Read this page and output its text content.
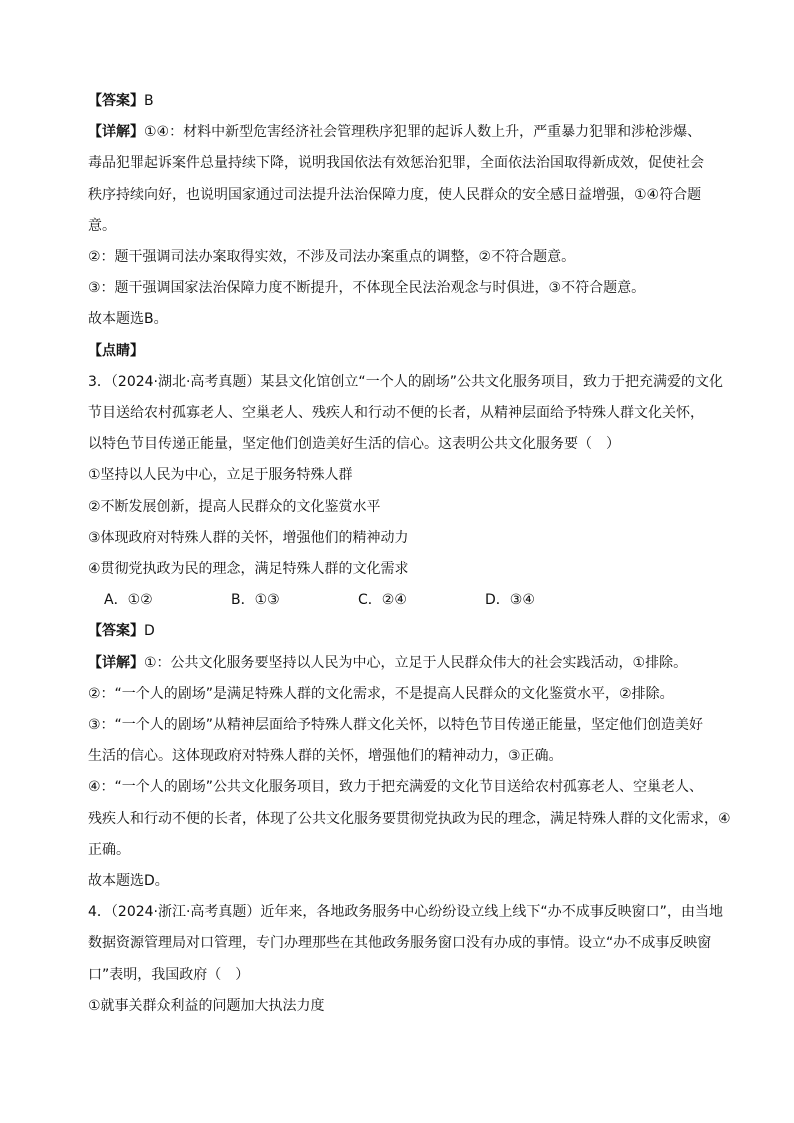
【答案】B

【详解】①④：材料中新型危害经济社会管理秩序犯罪的起诉人数上升，严重暴力犯罪和涉枪涉爆、

毒品犯罪起诉案件总量持续下降，说明我国依法有效惩治犯罪，全面依法治国取得新成效，促使社会

秩序持续向好，也说明国家通过司法提升法治保障力度，使人民群众的安全感日益增强，①④符合题

意。

②：题干强调司法办案取得实效，不涉及司法办案重点的调整，②不符合题意。

③：题干强调国家法治保障力度不断提升，不体现全民法治观念与时俱进，③不符合题意。

故本题选B。

【点睛】

3．（2024·湖北·高考真题）某县文化馆创立“一个人的剧场”公共文化服务项目，致力于把充满爱的文化

节目送给农村孤寡老人、空巢老人、残疾人和行动不便的长者，从精神层面给予特殊人群文化关怀，

以特色节目传递正能量，坚定他们创造美好生活的信心。这表明公共文化服务要（　）

①坚持以人民为中心，立足于服务特殊人群

②不断发展创新，提高人民群众的文化鉴赏水平

③体现政府对特殊人群的关怀，增强他们的精神动力

④贯彻党执政为民的理念，满足特殊人群的文化需求

A．①②	B．①③	C．②④	D．③④

【答案】D

【详解】①：公共文化服务要坚持以人民为中心，立足于人民群众伟大的社会实践活动，①排除。

②：“一个人的剧场”是满足特殊人群的文化需求，不是提高人民群众的文化鉴赏水平，②排除。

③：“一个人的剧场”从精神层面给予特殊人群文化关怀，以特色节目传递正能量，坚定他们创造美好

生活的信心。这体现政府对特殊人群的关怀，增强他们的精神动力，③正确。

④：“一个人的剧场”公共文化服务项目，致力于把充满爱的文化节目送给农村孤寡老人、空巢老人、

残疾人和行动不便的长者，体现了公共文化服务要贯彻党执政为民的理念，满足特殊人群的文化需求，④

正确。

故本题选D。

4．（2024·浙江·高考真题）近年来，各地政务服务中心纷纷设立线上线下“办不成事反映窗口”，由当地

数据资源管理局对口管理，专门办理那些在其他政务服务窗口没有办成的事情。设立“办不成事反映窗

口”表明，我国政府（　）

①就事关群众利益的问题加大执法力度
